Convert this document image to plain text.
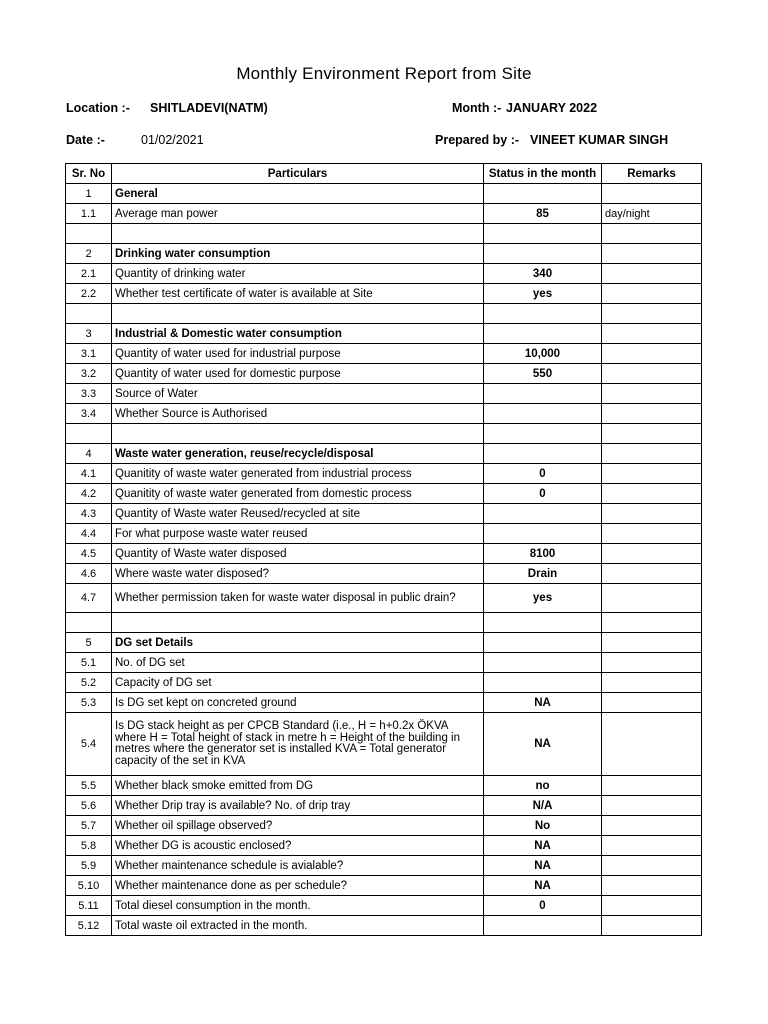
Monthly Environment Report from Site
Location :- SHITLADEVI(NATM)	Month :- JANUARY 2022
Date :-	01/02/2021	Prepared by :- VINEET KUMAR SINGH
Sr. No	Particulars	Status in the month	Remarks
1	General		
1.1	Average man power	85	day/night

2	Drinking water consumption		
2.1	Quantity of drinking water	340	
2.2	Whether test certificate of water is available at Site	yes	

3	Industrial & Domestic water consumption		
3.1	Quantity of water used for industrial purpose	10,000	
3.2	Quantity of water used for domestic purpose	550	
3.3	Source of Water		
3.4	Whether Source is Authorised		

4	Waste water generation, reuse/recycle/disposal		
4.1	Quanitity of waste water generated from industrial process	0	
4.2	Quanitity of waste water generated from domestic process	0	
4.3	Quantity of Waste water Reused/recycled at site		
4.4	For what purpose waste water reused		
4.5	Quantity of Waste water disposed	8100	
4.6	Where waste water disposed?	Drain	
4.7	Whether permission taken for waste water disposal in public drain?	yes	

5	DG set Details		
5.1	No. of DG set		
5.2	Capacity of DG set		
5.3	Is DG set kept on concreted ground	NA	
5.4	Is DG stack height as per CPCB Standard (i.e., H = h+0.2x ÖKVA where H = Total height of stack in metre h = Height of the building in metres where the generator set is installed KVA = Total generator capacity of the set in KVA	NA	
5.5	Whether black smoke emitted from DG	no	
5.6	Whether Drip tray is available? No. of drip tray	N/A	
5.7	Whether oil spillage observed?	No	
5.8	Whether DG is acoustic enclosed?	NA	
5.9	Whether maintenance schedule is avialable?	NA	
5.10	Whether maintenance done as per schedule?	NA	
5.11	Total diesel consumption in the month.	0	
5.12	Total waste oil extracted in the month.		
